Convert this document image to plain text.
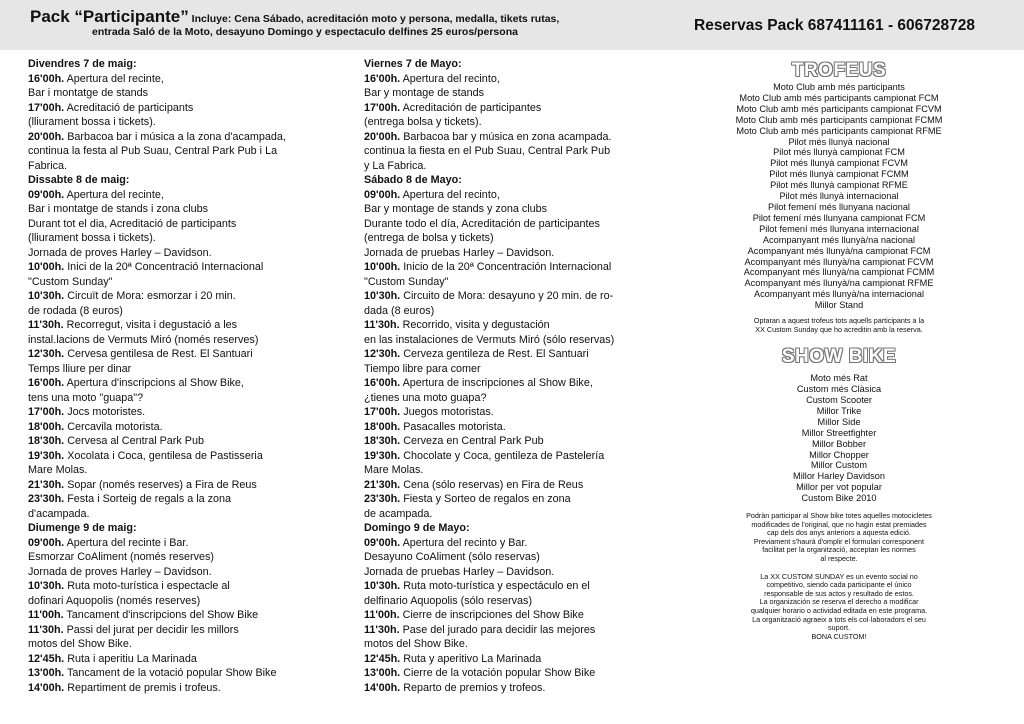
Pack “Participante” Incluye: Cena Sábado, acreditación moto y persona, medalla, tikets rutas,
entrada Saló de la Moto, desayuno Domingo y espectaculo delfines 25 euros/persona	Reservas Pack 687411161 - 606728728
Divendres 7 de maig:
16'00h. Apertura del recinte,
Bar i montatge de stands
17'00h. Acreditació de participants
(lliurament bossa i tickets).
20'00h. Barbacoa bar i música a la zona d'acampada,
continua la festa al Pub Suau, Central Park Pub i La
Fabrica.
Dissabte 8 de maig:
09'00h. Apertura del recinte,
Bar i montatge de stands i zona clubs
Durant tot el dia, Acreditació de participants
(lliurament bossa i tickets).
Jornada de proves Harley – Davidson.
10'00h. Inici de la 20ª Concentració Internacional
"Custom Sunday"
10'30h. Circuït de Mora: esmorzar i 20 min.
de rodada (8 euros)
11'30h. Recorregut, visita i degustació a les
instal.lacions de Vermuts Miró (només reserves)
12'30h. Cervesa gentilesa de Rest. El Santuari
Temps lliure per dinar
16'00h. Apertura d'inscripcions al Show Bike,
tens una moto "guapa"?
17'00h. Jocs motoristes.
18'00h. Cercavila motorista.
18'30h. Cervesa al Central Park Pub
19'30h. Xocolata i Coca, gentilesa de Pastisseria
Mare Molas.
21'30h. Sopar (només reserves) a Fira de Reus
23'30h. Festa i Sorteig de regals a la zona
d'acampada.
Diumenge 9 de maig:
09'00h. Apertura del recinte i Bar.
Esmorzar CoAliment (només reserves)
Jornada de proves Harley – Davidson.
10'30h. Ruta moto-turística i espectacle al
dofinari Aquopolis (només reserves)
11'00h. Tancament d'inscripcions del Show Bike
11'30h. Passi del jurat per decidir les millors
motos del Show Bike.
12'45h. Ruta i aperitiu La Marinada
13'00h. Tancament de la votació popular Show Bike
14'00h. Repartiment de premis i trofeus.
Viernes 7 de Mayo:
16'00h. Apertura del recinto,
Bar y montage de stands
17'00h. Acreditación de participantes
(entrega bolsa y tickets).
20'00h. Barbacoa bar y música en zona acampada.
continua la fiesta en el Pub Suau, Central Park Pub
y La Fabrica.
Sábado 8 de Mayo:
09'00h. Apertura del recinto,
Bar y montage de stands y zona clubs
Durante todo el día, Acreditación de participantes
(entrega de bolsa y tickets)
Jornada de pruebas Harley – Davidson.
10'00h. Inicio de la 20ª Concentración Internacional
"Custom Sunday"
10'30h. Circuito de Mora: desayuno y 20 min. de ro-
dada (8 euros)
11'30h. Recorrido, visita y degustación
en las instalaciones de Vermuts Miró (sólo reservas)
12'30h. Cerveza gentileza de Rest. El Santuari
Tiempo libre para comer
16'00h. Apertura de inscripciones al Show Bike,
¿tienes una moto guapa?
17'00h. Juegos motoristas.
18'00h. Pasacalles motorista.
18'30h. Cerveza en Central Park Pub
19'30h. Chocolate y Coca, gentileza de Pastelería
Mare Molas.
21'30h. Cena (sólo reservas) en Fira de Reus
23'30h. Fiesta y Sorteo de regalos en zona
de acampada.
Domingo 9 de Mayo:
09'00h. Apertura del recinto y Bar.
Desayuno CoAliment (sólo reservas)
Jornada de pruebas Harley – Davidson.
10'30h. Ruta moto-turística y espectáculo en el
delfinario Aquopolis (sólo reservas)
11'00h. Cierre de inscripciones del Show Bike
11'30h. Pase del jurado para decidir las mejores
motos del Show Bike.
12'45h. Ruta y aperitivo La Marinada
13'00h. Cierre de la votación popular Show Bike
14'00h. Reparto de premios y trofeos.
TROFEUS
Moto Club amb més participants
Moto Club amb més participants campionat FCM
Moto Club amb més participants campionat FCVM
Moto Club amb més participants campionat FCMM
Moto Club amb més participants campionat RFME
Pilot més llunyà nacional
Pilot més llunyà campionat FCM
Pilot més llunyà campionat FCVM
Pilot més llunyà campionat FCMM
Pilot més llunyà campionat RFME
Pilot més llunyà internacional
Pilot femení més llunyana nacional
Pilot femení més llunyana campionat FCM
Pilot femení més llunyana internacional
Acompanyant més llunyà/na nacional
Acompanyant més llunyà/na campionat FCM
Acompanyant més llunyà/na campionat FCVM
Acompanyant més llunyà/na campionat FCMM
Acompanyant més llunyà/na campionat RFME
Acompanyant més llunyà/na internacional
Millor Stand
Optaran a aquest trofeus tots aquells participants a la
XX Custom Sunday que ho acreditin amb la reserva.
SHOW BIKE
Moto més Rat
Custom més Clàsica
Custom Scooter
Millor Trike
Millor Side
Millor Streetfighter
Millor Bobber
Millor Chopper
Millor Custom
Millor Harley Davidson
Millor per vot popular
Custom Bike 2010
Podràn participar al Show bike totes aquelles motocicletes
modificades de l'original, que no hagin estat premiades
cap dels dos anys anteriors a aquesta edició.
Previament s'haurà d'omplir el formulari corresponent
facilitat per la organització, acceptan les normes
al respecte.
La XX CUSTOM SUNDAY es un evento social no
competitivo, siendo cada participante el único
responsable de sus actos y resultado de estos.
La organización se reserva el derecho a modificar
qualquier horario o actividad editada en este programa.
La organització agraeix a tots els col·laboradors el seu
suport.
BONA CUSTOM!
